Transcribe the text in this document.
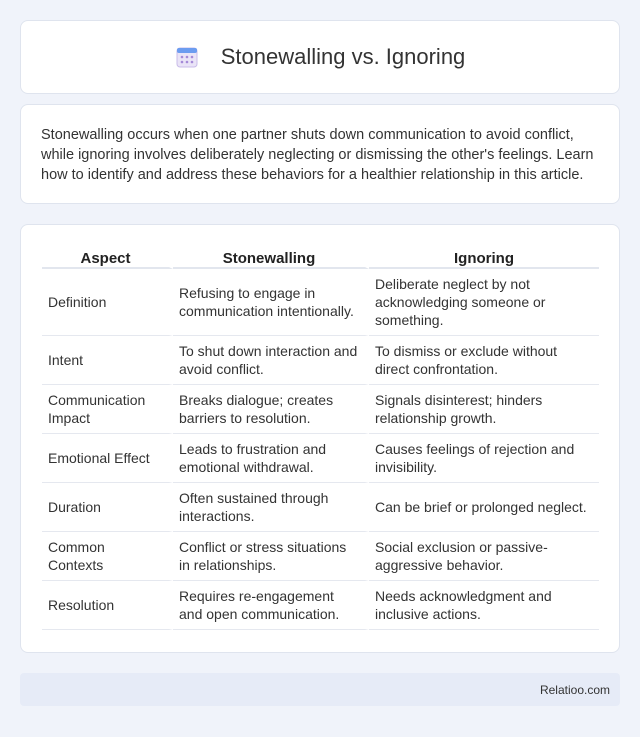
Stonewalling vs. Ignoring

Stonewalling occurs when one partner shuts down communication to avoid conflict, while ignoring involves deliberately neglecting or dismissing the other's feelings. Learn how to identify and address these behaviors for a healthier relationship in this article.

Aspect	Stonewalling	Ignoring
Definition	Refusing to engage in communication intentionally.	Deliberate neglect by not acknowledging someone or something.
Intent	To shut down interaction and avoid conflict.	To dismiss or exclude without direct confrontation.
Communication Impact	Breaks dialogue; creates barriers to resolution.	Signals disinterest; hinders relationship growth.
Emotional Effect	Leads to frustration and emotional withdrawal.	Causes feelings of rejection and invisibility.
Duration	Often sustained through interactions.	Can be brief or prolonged neglect.
Common Contexts	Conflict or stress situations in relationships.	Social exclusion or passive-aggressive behavior.
Resolution	Requires re-engagement and open communication.	Needs acknowledgment and inclusive actions.
Relatioo.com
